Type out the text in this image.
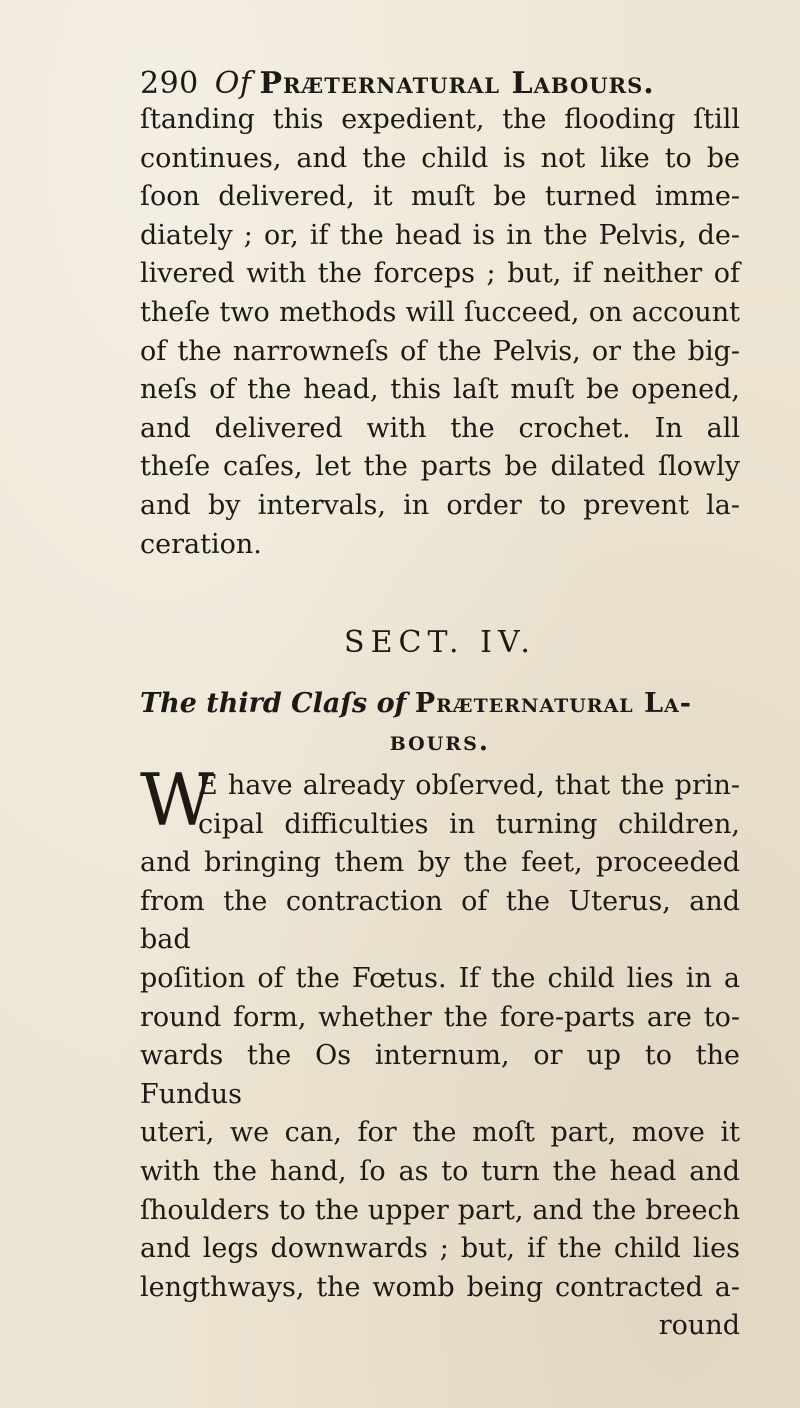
290 Of Præternatural Labours.
ſtanding this expedient, the flooding ſtill
continues, and the child is not like to be
ſoon delivered, it muſt be turned imme-
diately ; or, if the head is in the Pelvis, de-
livered with the forceps ; but, if neither of
theſe two methods will ſucceed, on account
of the narrowneſs of the Pelvis, or the big-
neſs of the head, this laſt muſt be opened,
and delivered with the crochet. In all
theſe caſes, let the parts be dilated ſlowly
and by intervals, in order to prevent la-
ceration.
SECT. IV.
The third Claſs of Præternatural La-
bours.
W
E have already obſerved, that the prin-
cipal difficulties in turning children,
and bringing them by the feet, proceeded
from the contraction of the Uterus, and bad
poſition of the Fœtus. If the child lies in a
round form, whether the fore-parts are to-
wards the Os internum, or up to the Fundus
uteri, we can, for the moſt part, move it
with the hand, ſo as to turn the head and
ſhoulders to the upper part, and the breech
and legs downwards ; but, if the child lies
lengthways, the womb being contracted a-
round
